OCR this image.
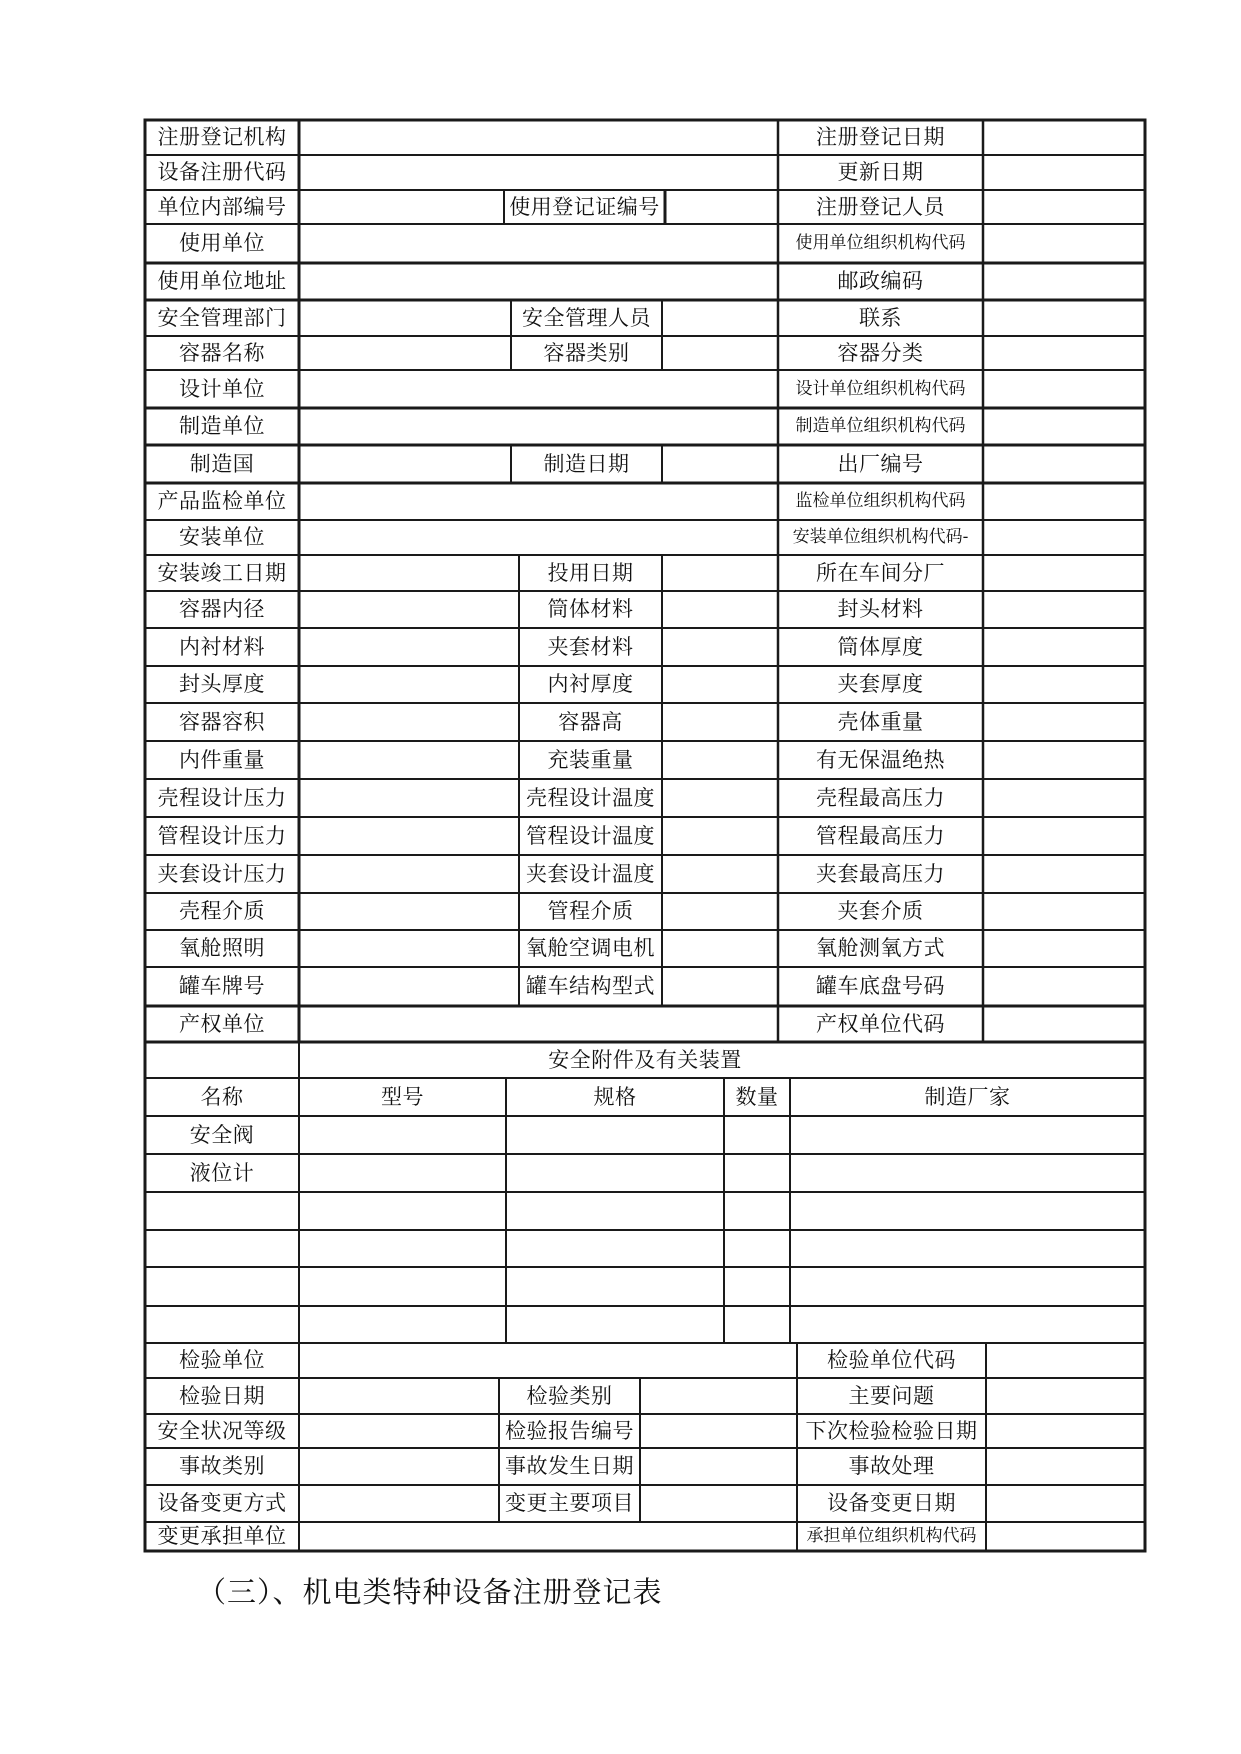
注册登记机构	注册登记日期
设备注册代码	更新日期
单位内部编号	使用登记证编号	注册登记人员
使用单位	使用单位组织机构代码
使用单位地址	邮政编码
安全管理部门	安全管理人员	联系
容器名称	容器类别	容器分类
设计单位	设计单位组织机构代码
制造单位	制造单位组织机构代码
制造国	制造日期	出厂编号
产品监检单位	监检单位组织机构代码
安装单位	安装单位组织机构代码-
安装竣工日期	投用日期	所在车间分厂
容器内径	筒体材料	封头材料
内衬材料	夹套材料	筒体厚度
封头厚度	内衬厚度	夹套厚度
容器容积	容器高	壳体重量
内件重量	充装重量	有无保温绝热
壳程设计压力	壳程设计温度	壳程最高压力
管程设计压力	管程设计温度	管程最高压力
夹套设计压力	夹套设计温度	夹套最高压力
壳程介质	管程介质	夹套介质
氧舱照明	氧舱空调电机	氧舱测氧方式
罐车牌号	罐车结构型式	罐车底盘号码
产权单位	产权单位代码
安全附件及有关装置
名称	型号	规格	数量	制造厂家
安全阀
液位计
检验单位	检验单位代码
检验日期	检验类别	主要问题
安全状况等级	检验报告编号	下次检验检验日期
事故类别	事故发生日期	事故处理
设备变更方式	变更主要项目	设备变更日期
变更承担单位	承担单位组织机构代码
（三）、机电类特种设备注册登记表
